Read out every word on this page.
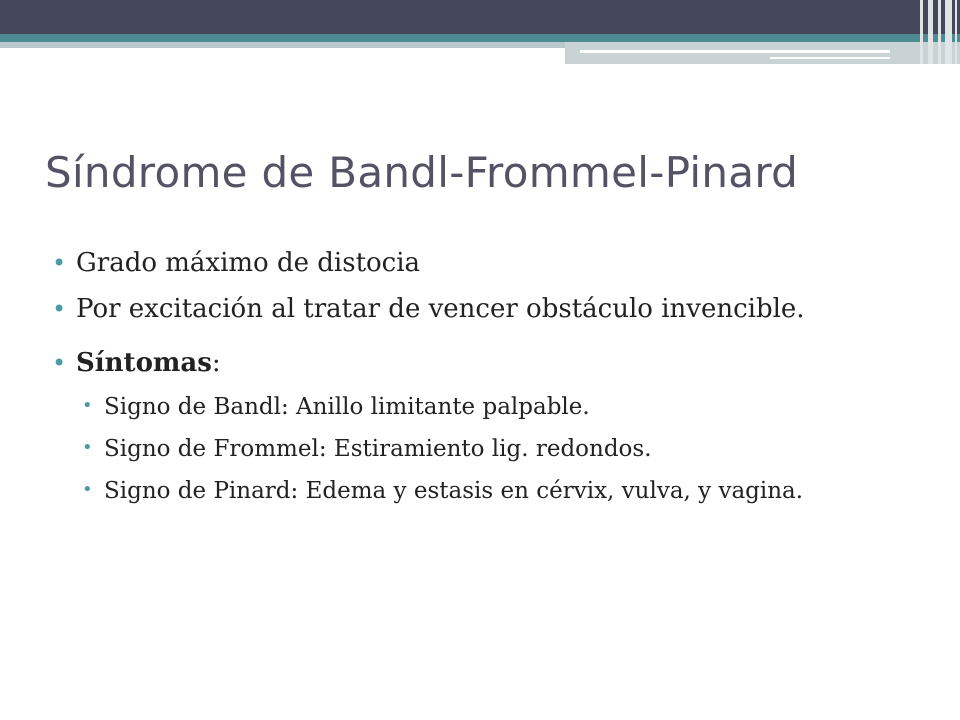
Síndrome de Bandl-Frommel-Pinard
• Grado máximo de distocia
• Por excitación al tratar de vencer obstáculo invencible.
• Síntomas:
• Signo de Bandl: Anillo limitante palpable.
• Signo de Frommel: Estiramiento lig. redondos.
• Signo de Pinard: Edema y estasis en cérvix, vulva, y vagina.
